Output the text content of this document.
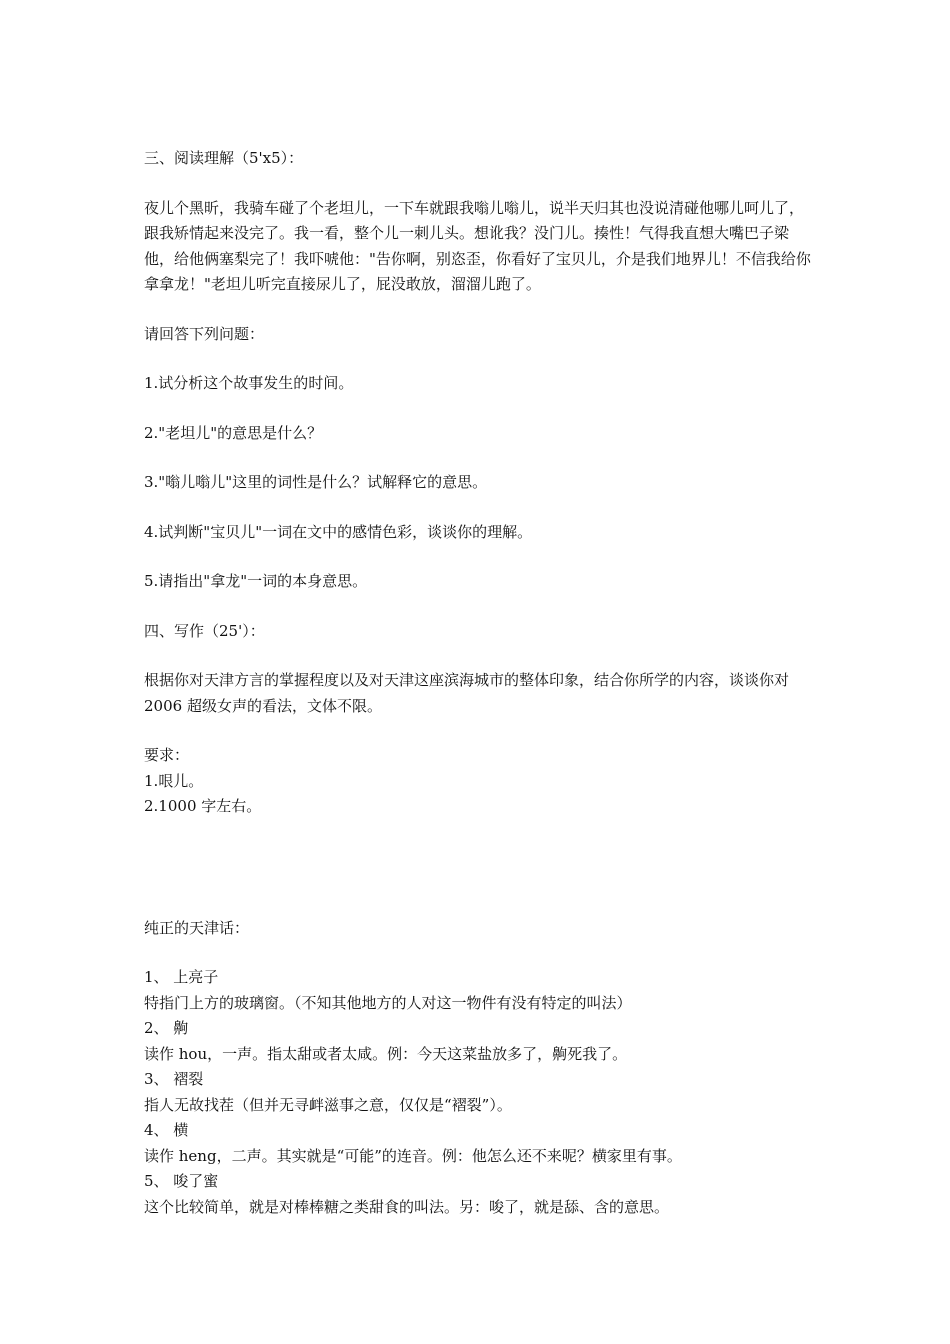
三、阅读理解（5'x5）：

夜儿个黑昕，我骑车碰了个老坦儿，一下车就跟我嗡儿嗡儿，说半天归其也没说清碰他哪儿呵儿了，跟我矫情起来没完了。我一看，整个儿一刺儿头。想讹我？没门儿。揍性！气得我直想大嘴巴子梁他，给他俩塞梨完了！我吓唬他："告你啊，别恣歪，你看好了宝贝儿，介是我们地界儿！不信我给你拿拿龙！"老坦儿听完直接尿儿了，屁没敢放，溜溜儿跑了。

请回答下列问题：

1.试分析这个故事发生的时间。

2."老坦儿"的意思是什么？

3."嗡儿嗡儿"这里的词性是什么？试解释它的意思。

4.试判断"宝贝儿"一词在文中的感情色彩，谈谈你的理解。

5.请指出"拿龙"一词的本身意思。

四、写作（25'）：

根据你对天津方言的掌握程度以及对天津这座滨海城市的整体印象，结合你所学的内容，谈谈你对 2006 超级女声的看法，文体不限。

要求：

1.哏儿。

2.1000 字左右。

纯正的天津话：

1、 上亮子
特指门上方的玻璃窗。（不知其他地方的人对这一物件有没有特定的叫法）
2、 齁
读作 hou，一声。指太甜或者太咸。例：今天这菜盐放多了，齁死我了。
3、 褶裂
指人无故找茬（但并无寻衅滋事之意，仅仅是“褶裂”）。
4、 横
读作 heng，二声。其实就是“可能”的连音。例：他怎么还不来呢？横家里有事。
5、 唆了蜜
这个比较简单，就是对棒棒糖之类甜食的叫法。另：唆了，就是舔、含的意思。
